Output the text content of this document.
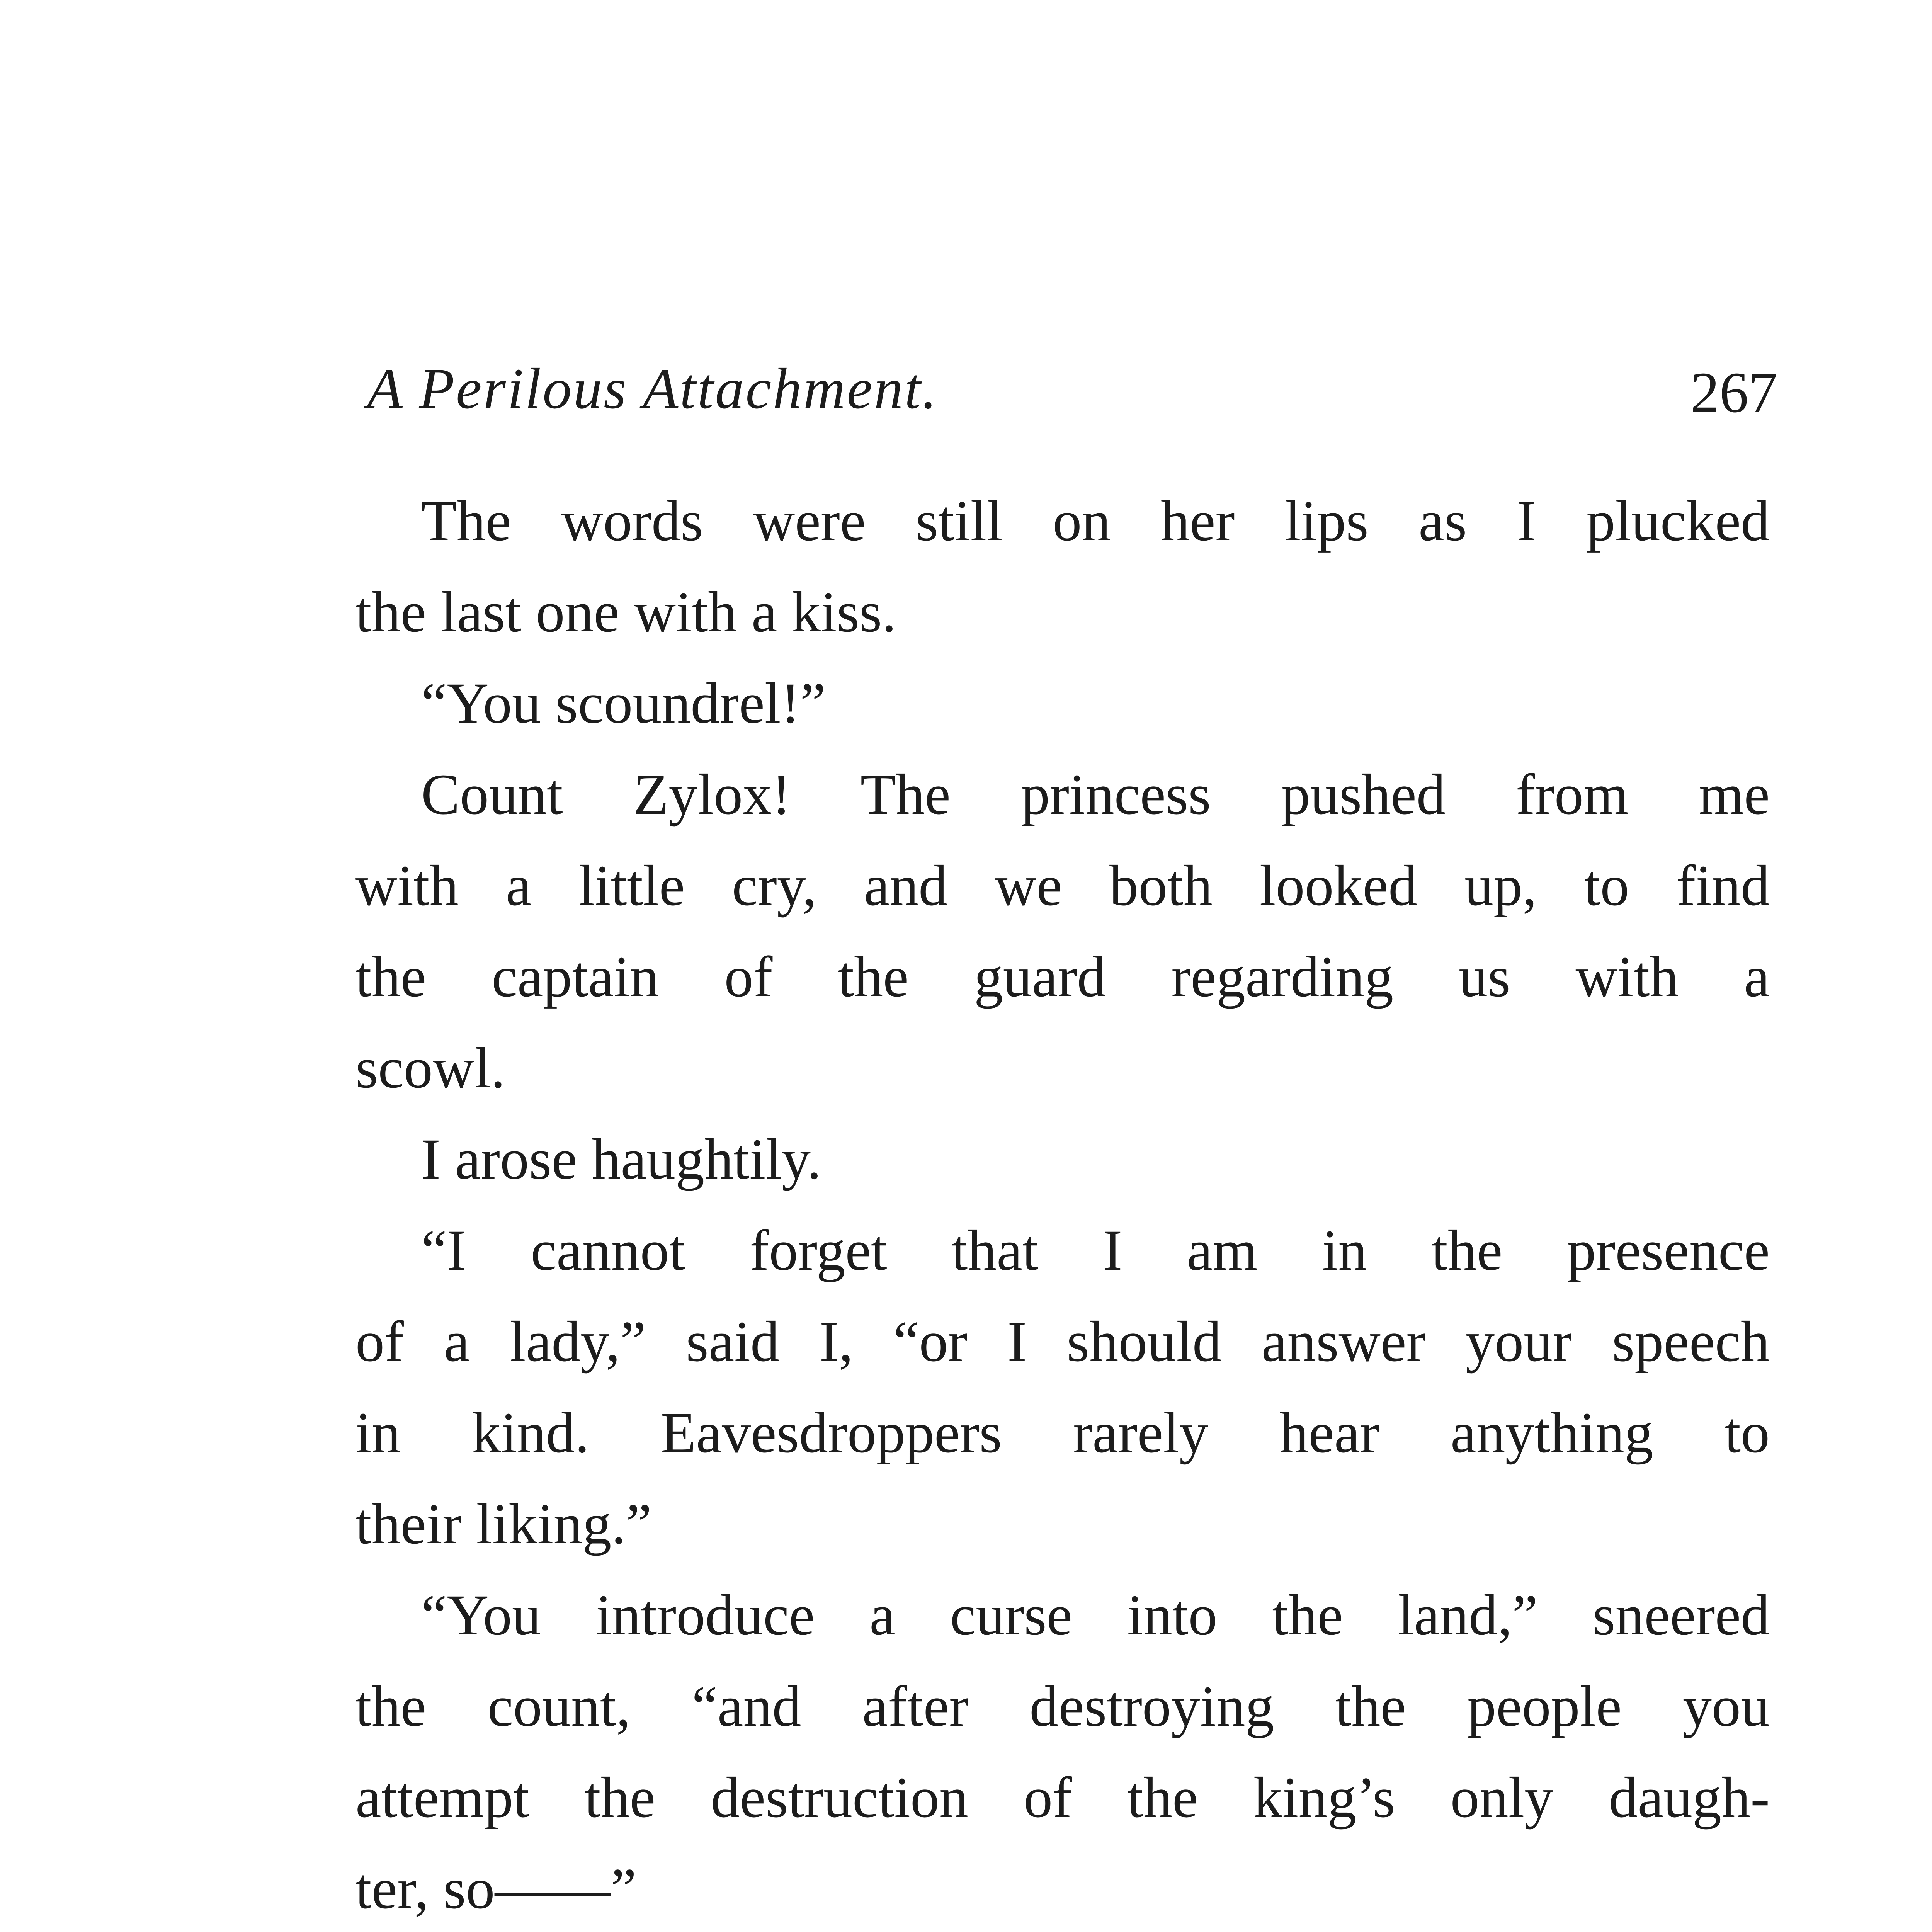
A Perilous Attachment.	267
The words were still on her lips as I plucked
the last one with a kiss.
“You scoundrel!”
Count Zylox! The princess pushed from me
with a little cry, and we both looked up, to find
the captain of the guard regarding us with a
scowl.
I arose haughtily.
“I cannot forget that I am in the presence
of a lady,” said I, “or I should answer your speech
in kind. Eavesdroppers rarely hear anything to
their liking.”
“You introduce a curse into the land,” sneered
the count, “and after destroying the people you
attempt the destruction of the king’s only daugh-
ter, so——”
